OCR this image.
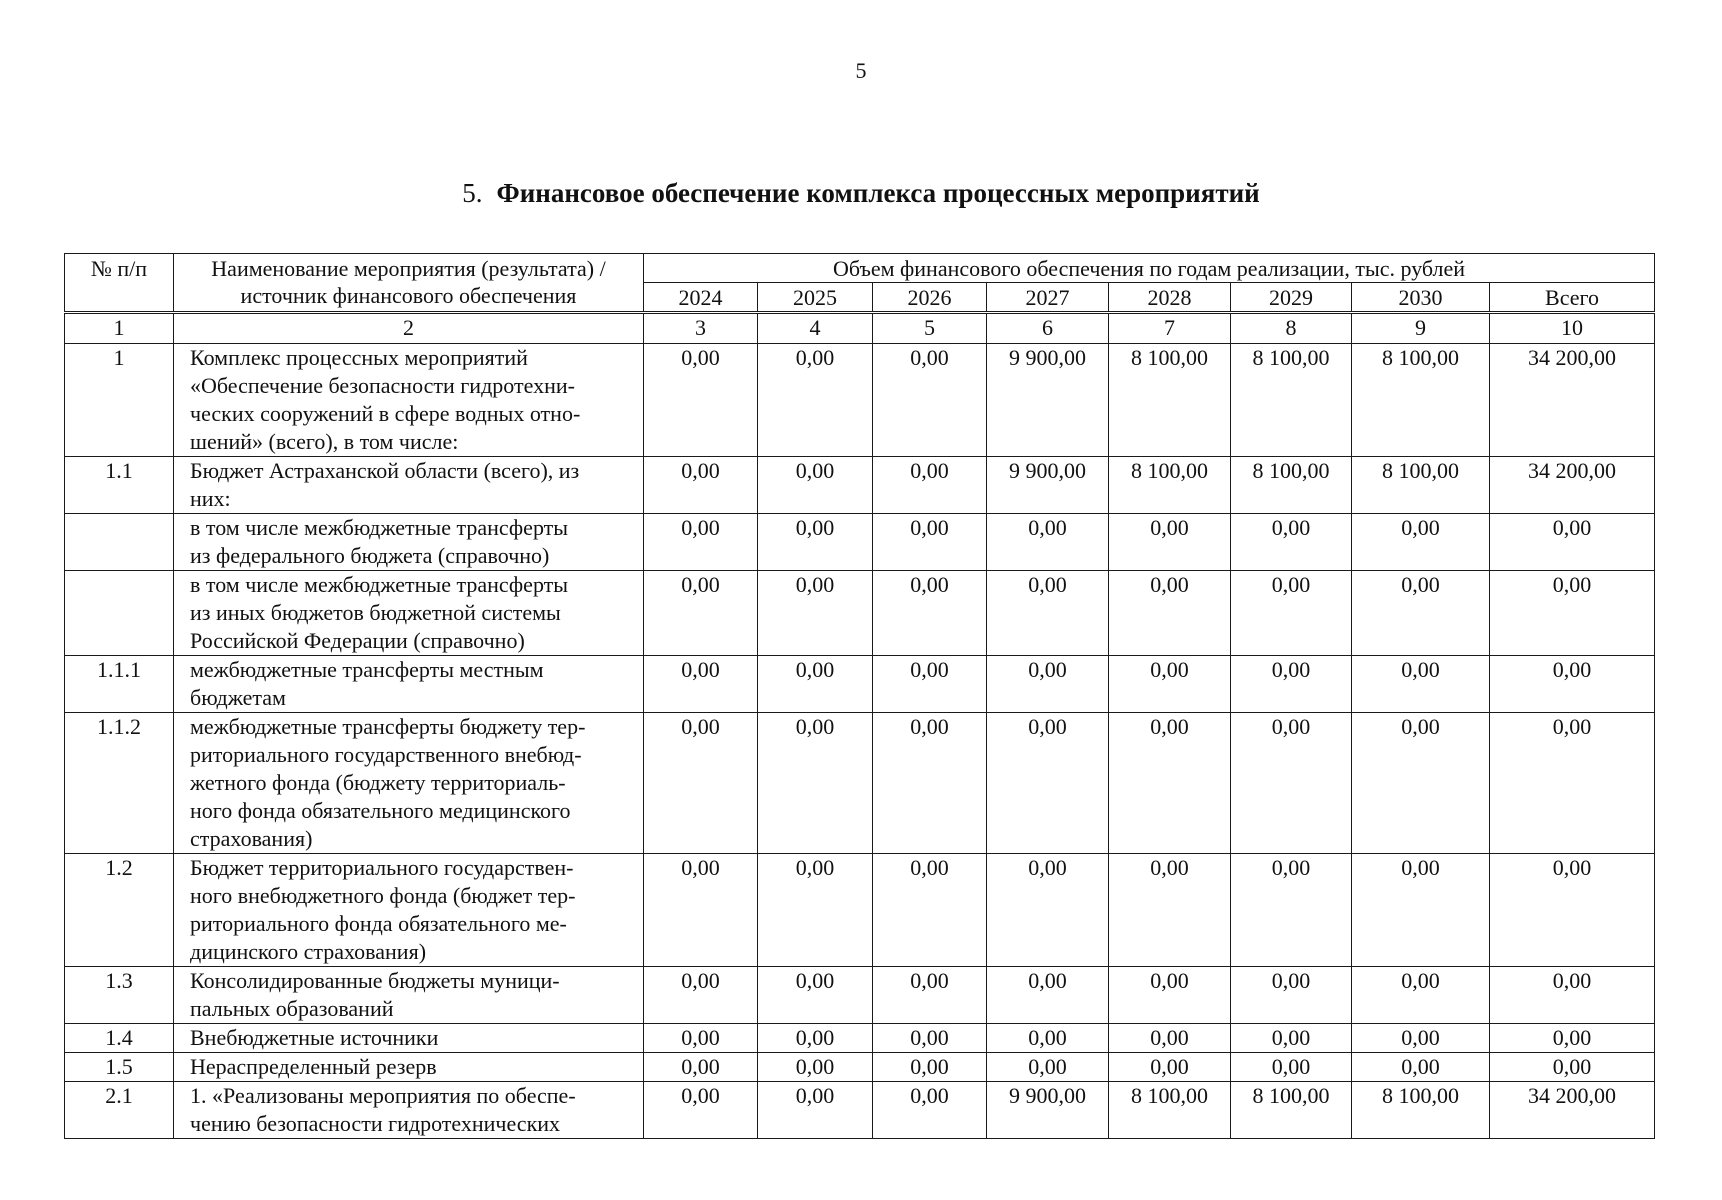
5
5. Финансовое обеспечение комплекса процессных мероприятий
№ п/п	Наименование мероприятия (результата) /
источник финансового обеспечения	Объем финансового обеспечения по годам реализации, тыс. рублей							
		2024	2025	2026	2027	2028	2029	2030	Всего
1	2	3	4	5	6	7	8	9	10
1	Комплекс процессных мероприятий
«Обеспечение безопасности гидротехни-
ческих сооружений в сфере водных отно-
шений» (всего), в том числе:	0,00	0,00	0,00	9 900,00	8 100,00	8 100,00	8 100,00	34 200,00
1.1	Бюджет Астраханской области (всего), из
них:	0,00	0,00	0,00	9 900,00	8 100,00	8 100,00	8 100,00	34 200,00

	в том числе межбюджетные трансферты
из федерального бюджета (справочно)	0,00	0,00	0,00	0,00	0,00	0,00	0,00	0,00

	в том числе межбюджетные трансферты
из иных бюджетов бюджетной системы
Российской Федерации (справочно)	0,00	0,00	0,00	0,00	0,00	0,00	0,00	0,00
1.1.1	межбюджетные трансферты местным
бюджетам	0,00	0,00	0,00	0,00	0,00	0,00	0,00	0,00
1.1.2	межбюджетные трансферты бюджету тер-
риториального государственного внебюд-
жетного фонда (бюджету территориаль-
ного фонда обязательного медицинского
страхования)	0,00	0,00	0,00	0,00	0,00	0,00	0,00	0,00
1.2	Бюджет территориального государствен-
ного внебюджетного фонда (бюджет тер-
риториального фонда обязательного ме-
дицинского страхования)	0,00	0,00	0,00	0,00	0,00	0,00	0,00	0,00
1.3	Консолидированные бюджеты муници-
пальных образований	0,00	0,00	0,00	0,00	0,00	0,00	0,00	0,00
1.4	Внебюджетные источники	0,00	0,00	0,00	0,00	0,00	0,00	0,00	0,00
1.5	Нераспределенный резерв	0,00	0,00	0,00	0,00	0,00	0,00	0,00	0,00
2.1	1. «Реализованы мероприятия по обеспе-
чению безопасности гидротехнических	0,00	0,00	0,00	9 900,00	8 100,00	8 100,00	8 100,00	34 200,00
